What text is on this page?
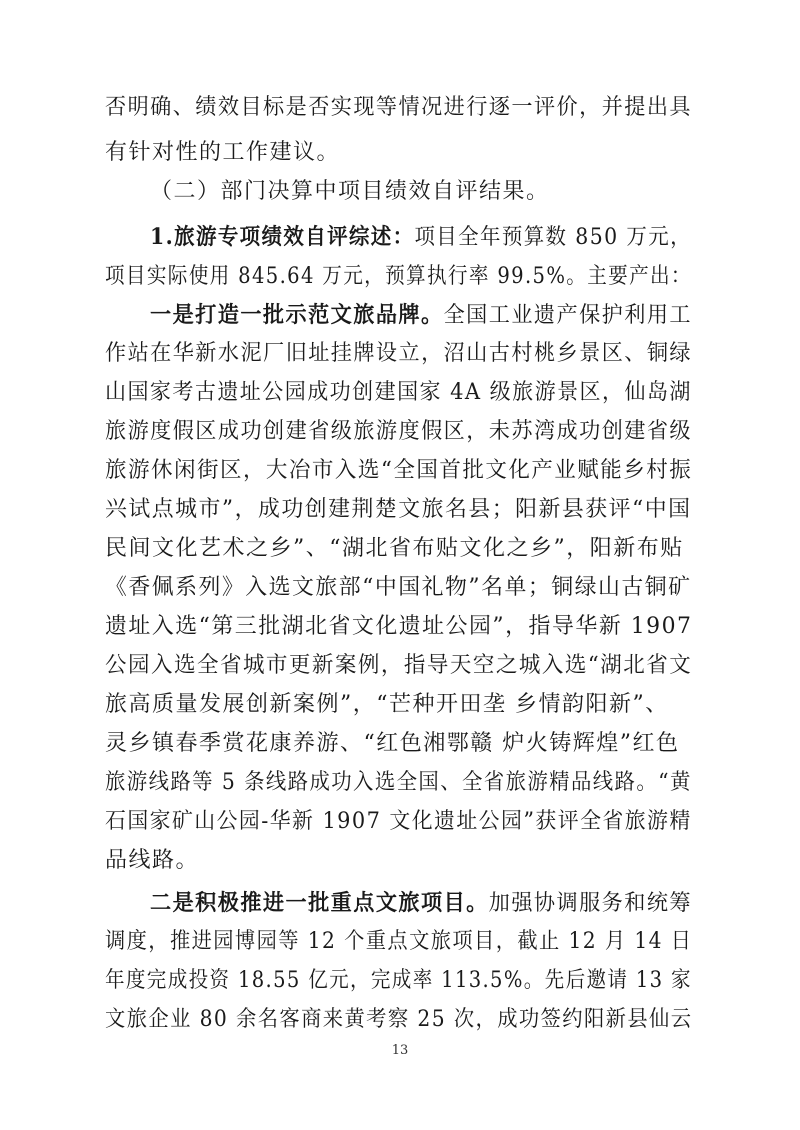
否明确、绩效目标是否实现等情况进行逐一评价，并提出具
有针对性的工作建议。
（二）部门决算中项目绩效自评结果。
1.旅游专项绩效自评综述：项目全年预算数 850 万元，
项目实际使用 845.64 万元，预算执行率 99.5%。主要产出：
一是打造一批示范文旅品牌。全国工业遗产保护利用工
作站在华新水泥厂旧址挂牌设立，沼山古村桃乡景区、铜绿
山国家考古遗址公园成功创建国家 4A 级旅游景区，仙岛湖
旅游度假区成功创建省级旅游度假区，未苏湾成功创建省级
旅游休闲街区，大冶市入选“全国首批文化产业赋能乡村振
兴试点城市”，成功创建荆楚文旅名县；阳新县获评“中国
民间文化艺术之乡”、“湖北省布贴文化之乡”，阳新布贴
《香佩系列》入选文旅部“中国礼物”名单；铜绿山古铜矿
遗址入选“第三批湖北省文化遗址公园”，指导华新 1907
公园入选全省城市更新案例，指导天空之城入选“湖北省文
旅高质量发展创新案例”，“芒种开田垄 乡情韵阳新”、
灵乡镇春季赏花康养游、“红色湘鄂赣 炉火铸辉煌”红色
旅游线路等 5 条线路成功入选全国、全省旅游精品线路。“黄
石国家矿山公园-华新 1907 文化遗址公园”获评全省旅游精
品线路。
二是积极推进一批重点文旅项目。加强协调服务和统筹
调度，推进园博园等 12 个重点文旅项目，截止 12 月 14 日
年度完成投资 18.55 亿元，完成率 113.5%。先后邀请 13 家
文旅企业 80 余名客商来黄考察 25 次，成功签约阳新县仙云
13
